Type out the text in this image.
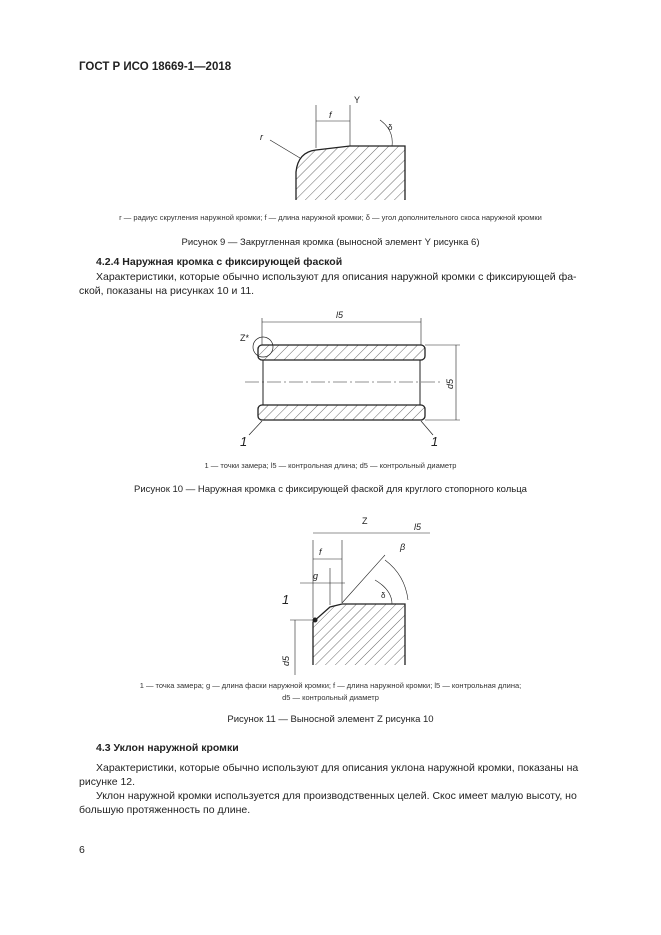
ГОСТ Р ИСО 18669-1—2018
Y
f
r
δ
l5
d5
Z*
1	1
Z
l5
f
g
δ
β
1
d5
r — радиус скругления наружной кромки; f — длина наружной кромки; δ — угол дополнительного скоса наружной кромки
Рисунок 9 — Закругленная кромка (выносной элемент Y рисунка 6)
4.2.4 Наружная кромка с фиксирующей фаской
Характеристики, которые обычно используют для описания наружной кромки с фиксирующей фа-
ской, показаны на рисунках 10 и 11.
1 — точки замера; l5 — контрольная длина; d5 — контрольный диаметр
Рисунок 10 — Наружная кромка с фиксирующей фаской для круглого стопорного кольца
1 — точка замера; g — длина фаски наружной кромки; f — длина наружной кромки; l5 — контрольная длина;
d5 — контрольный диаметр
Рисунок 11 — Выносной элемент Z рисунка 10
4.3 Уклон наружной кромки
Характеристики, которые обычно используют для описания уклона наружной кромки, показаны на
рисунке 12.
Уклон наружной кромки используется для производственных целей. Скос имеет малую высоту, но
большую протяженность по длине.
6
